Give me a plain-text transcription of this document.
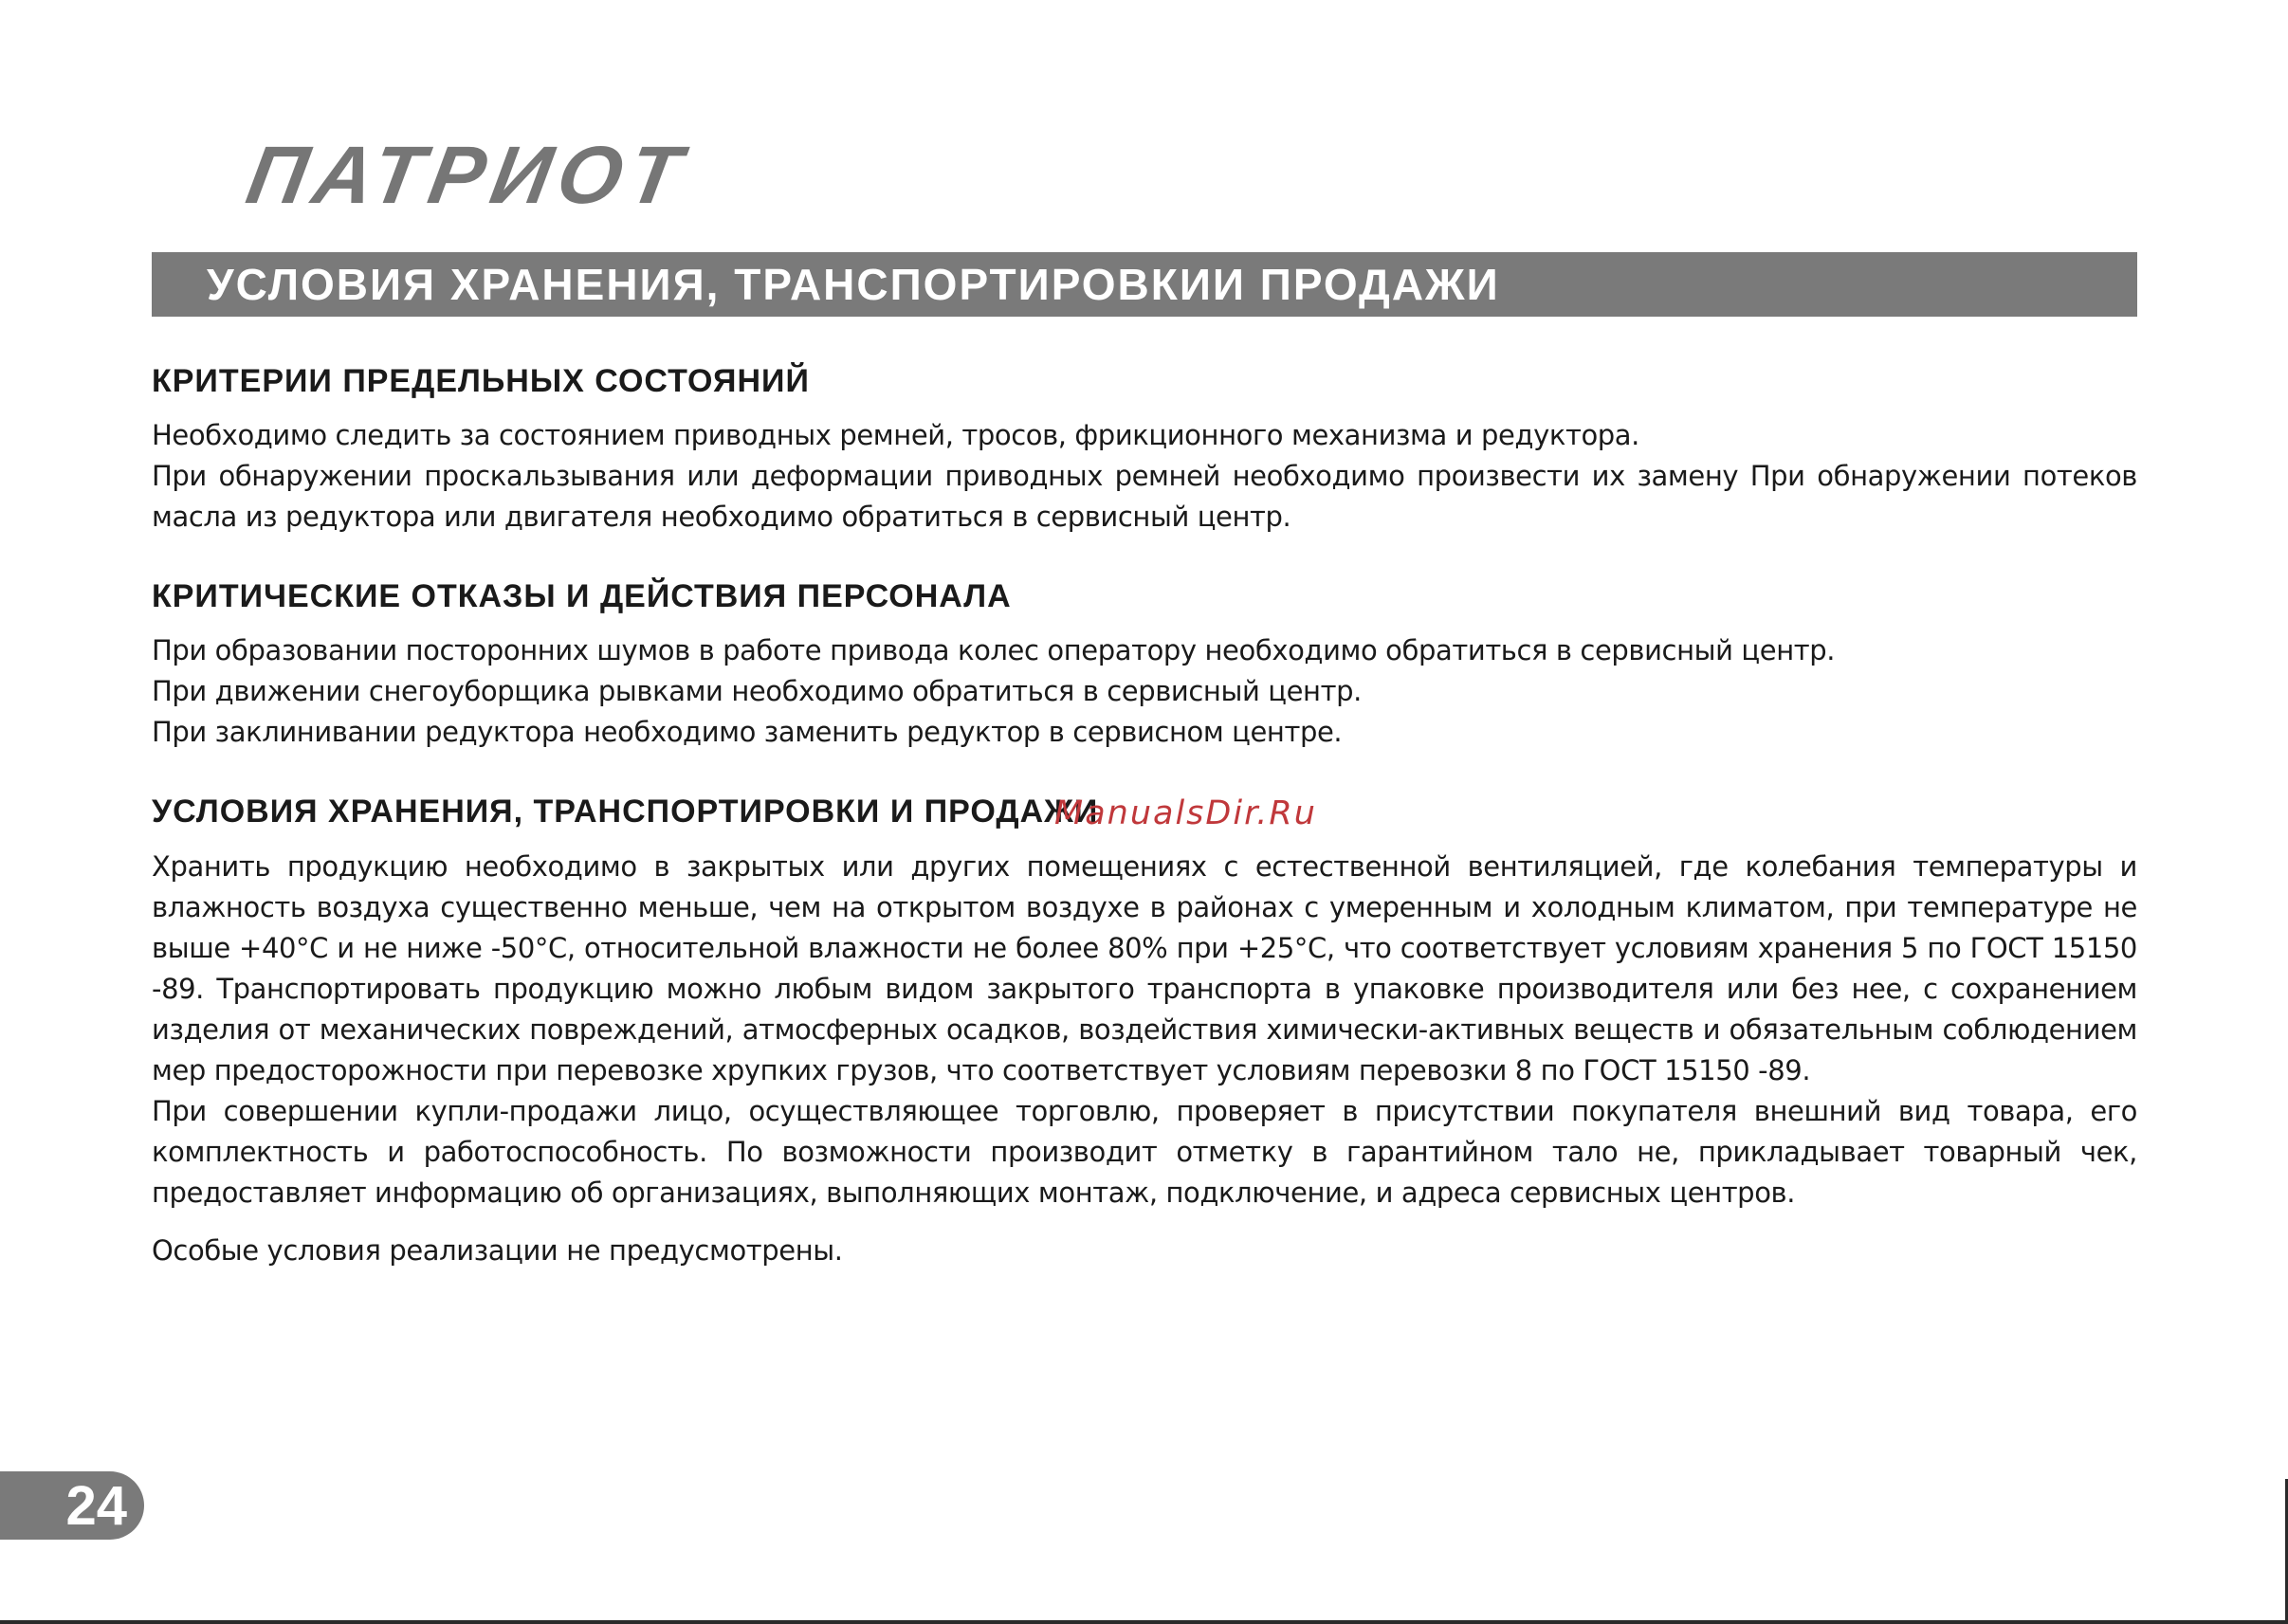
ПАТРИОТ
УСЛОВИЯ ХРАНЕНИЯ, ТРАНСПОРТИРОВКИИ ПРОДАЖИ
КРИТЕРИИ ПРЕДЕЛЬНЫХ СОСТОЯНИЙ

Необходимо следить за состоянием приводных ремней, тросов, фрикционного механизма и редуктора.

При обнаружении проскальзывания или деформации приводных ремней необходимо произвести их замену При обнаружении потеков масла из редуктора или двигателя необходимо обратиться в сервисный центр.

КРИТИЧЕСКИЕ ОТКАЗЫ И ДЕЙСТВИЯ ПЕРСОНАЛА

При образовании посторонних шумов в работе привода колес оператору необходимо обратиться в сервисный центр.

При движении снегоуборщика рывками необходимо обратиться в сервисный центр.

При заклинивании редуктора необходимо заменить редуктор в сервисном центре.

УСЛОВИЯ ХРАНЕНИЯ, ТРАНСПОРТИРОВКИ И ПРОДАЖИ

Хранить продукцию необходимо в закрытых или других помещениях с естественной вентиляцией, где колебания температуры и влажность воздуха существенно меньше, чем на открытом воздухе в районах с умеренным и холодным климатом, при температуре не выше +40°С и не ниже -50°С, относительной влажности не более 80% при +25°С, что соответствует условиям хранения 5 по ГОСТ 15150 -89. Транспортировать продукцию можно любым видом закрытого транспорта в упаковке производителя или без нее, с сохранением изделия от механических повреждений, атмосферных осадков, воздействия химически-активных веществ и обязательным соблюдением мер предосторожности при перевозке хрупких грузов, что соответствует условиям перевозки 8 по ГОСТ 15150 -89.

При совершении купли-продажи лицо, осуществляющее торговлю, проверяет в присутствии покупателя внешний вид товара, его комплектность и работоспособность. По возможности производит отметку в гарантийном тало не, прикладывает товарный чек, предоставляет информацию об организациях, выполняющих монтаж, подключение, и адреса сервисных центров.

Особые условия реализации не предусмотрены.

ManualsDir.Ru
24
